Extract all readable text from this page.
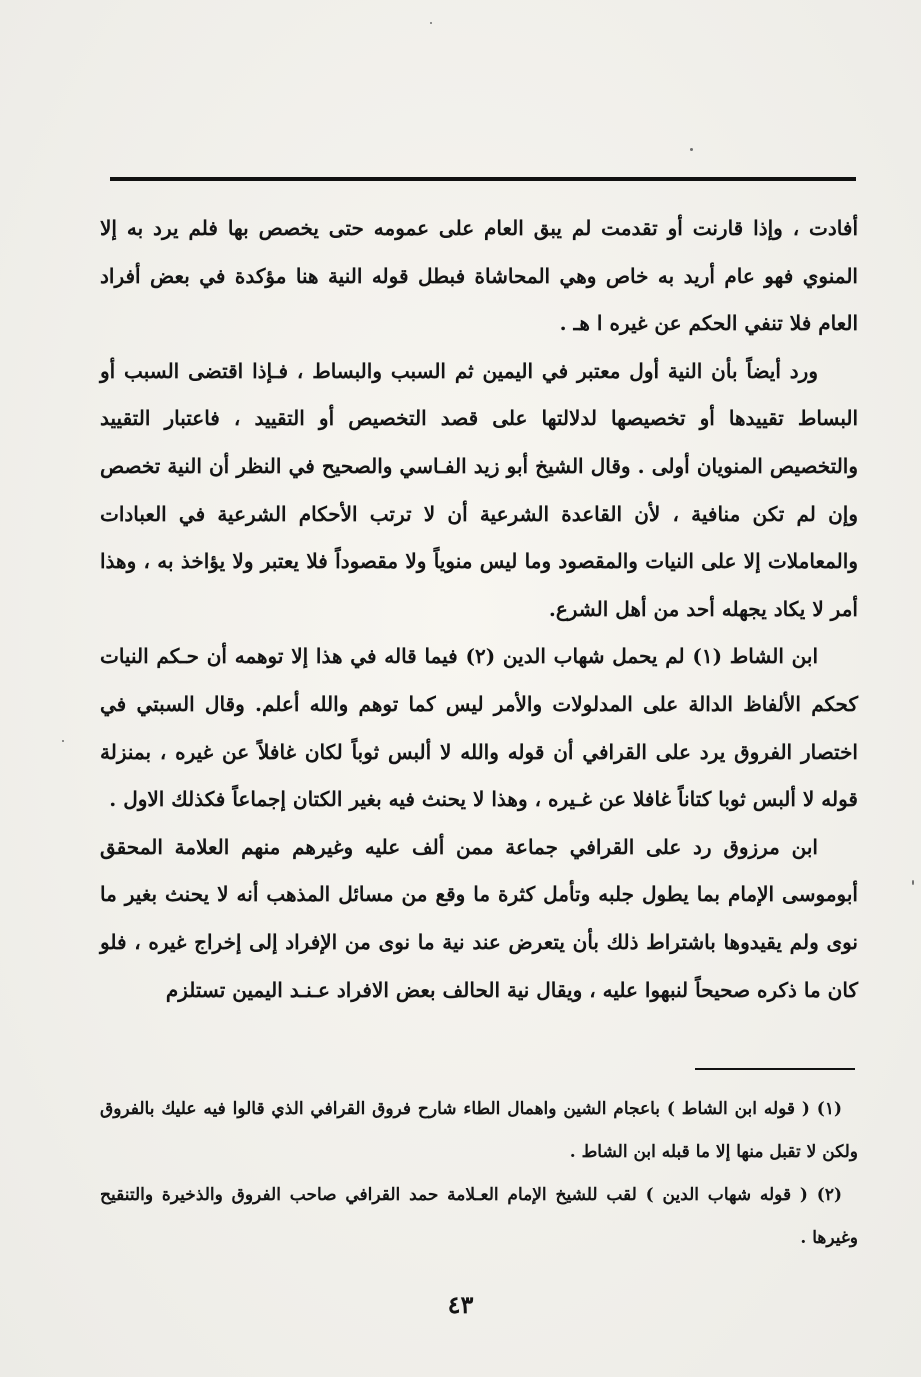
أفادت ، وإذا قارنت أو تقدمت لم يبق العام على عمومه حتى يخصص بها فلم يرد به إلا المنوي فهو عام أريد به خاص وهي المحاشاة فبطل قوله النية هنا مؤكدة في بعض أفراد العام فلا تنفي الحكم عن غيره ا هـ .

ورد أيضاً بأن النية أول معتبر في اليمين ثم السبب والبساط ، فـإذا اقتضى السبب أو البساط تقييدها أو تخصيصها لدلالتها على قصد التخصيص أو التقييد ، فاعتبار التقييد والتخصيص المنويان أولى . وقال الشيخ أبو زيد الفـاسي والصحيح في النظر أن النية تخصص وإن لم تكن منافية ، لأن القاعدة الشرعية أن لا ترتب الأحكام الشرعية في العبادات والمعاملات إلا على النيات والمقصود وما ليس منوياً ولا مقصوداً فلا يعتبر ولا يؤاخذ به ، وهذا أمر لا يكاد يجهله أحد من أهل الشرع.

ابن الشاط (١) لم يحمل شهاب الدين (٢) فيما قاله في هذا إلا توهمه أن حـكم النيات كحكم الألفاظ الدالة على المدلولات والأمر ليس كما توهم والله أعلم. وقال السبتي في اختصار الفروق يرد على القرافي أن قوله والله لا ألبس ثوباً لكان غافلاً عن غيره ، بمنزلة قوله لا ألبس ثوبا كتاناً غافلا عن غـيره ، وهذا لا يحنث فيه بغير الكتان إجماعاً فكذلك الاول .

ابن مرزوق رد على القرافي جماعة ممن ألف عليه وغيرهم منهم العلامة المحقق أبوموسى الإمام بما يطول جلبه وتأمل كثرة ما وقع من مسائل المذهب أنه لا يحنث بغير ما نوى ولم يقيدوها باشتراط ذلك بأن يتعرض عند نية ما نوى من الإفراد إلى إخراج غيره ، فلو كان ما ذكره صحيحاً لنبهوا عليه ، ويقال نية الحالف بعض الافراد عـنـد اليمين تستلزم

(١) ( قوله ابن الشاط ) باعجام الشين واهمال الطاء شارح فروق القرافي الذي قالوا فيه عليك بالفروق ولكن لا تقبل منها إلا ما قبله ابن الشاط .

(٢) ( قوله شهاب الدين ) لقب للشيخ الإمام العـلامة حمد القرافي صاحب الفروق والذخيرة والتنقيح وغيرها .

٤٣
